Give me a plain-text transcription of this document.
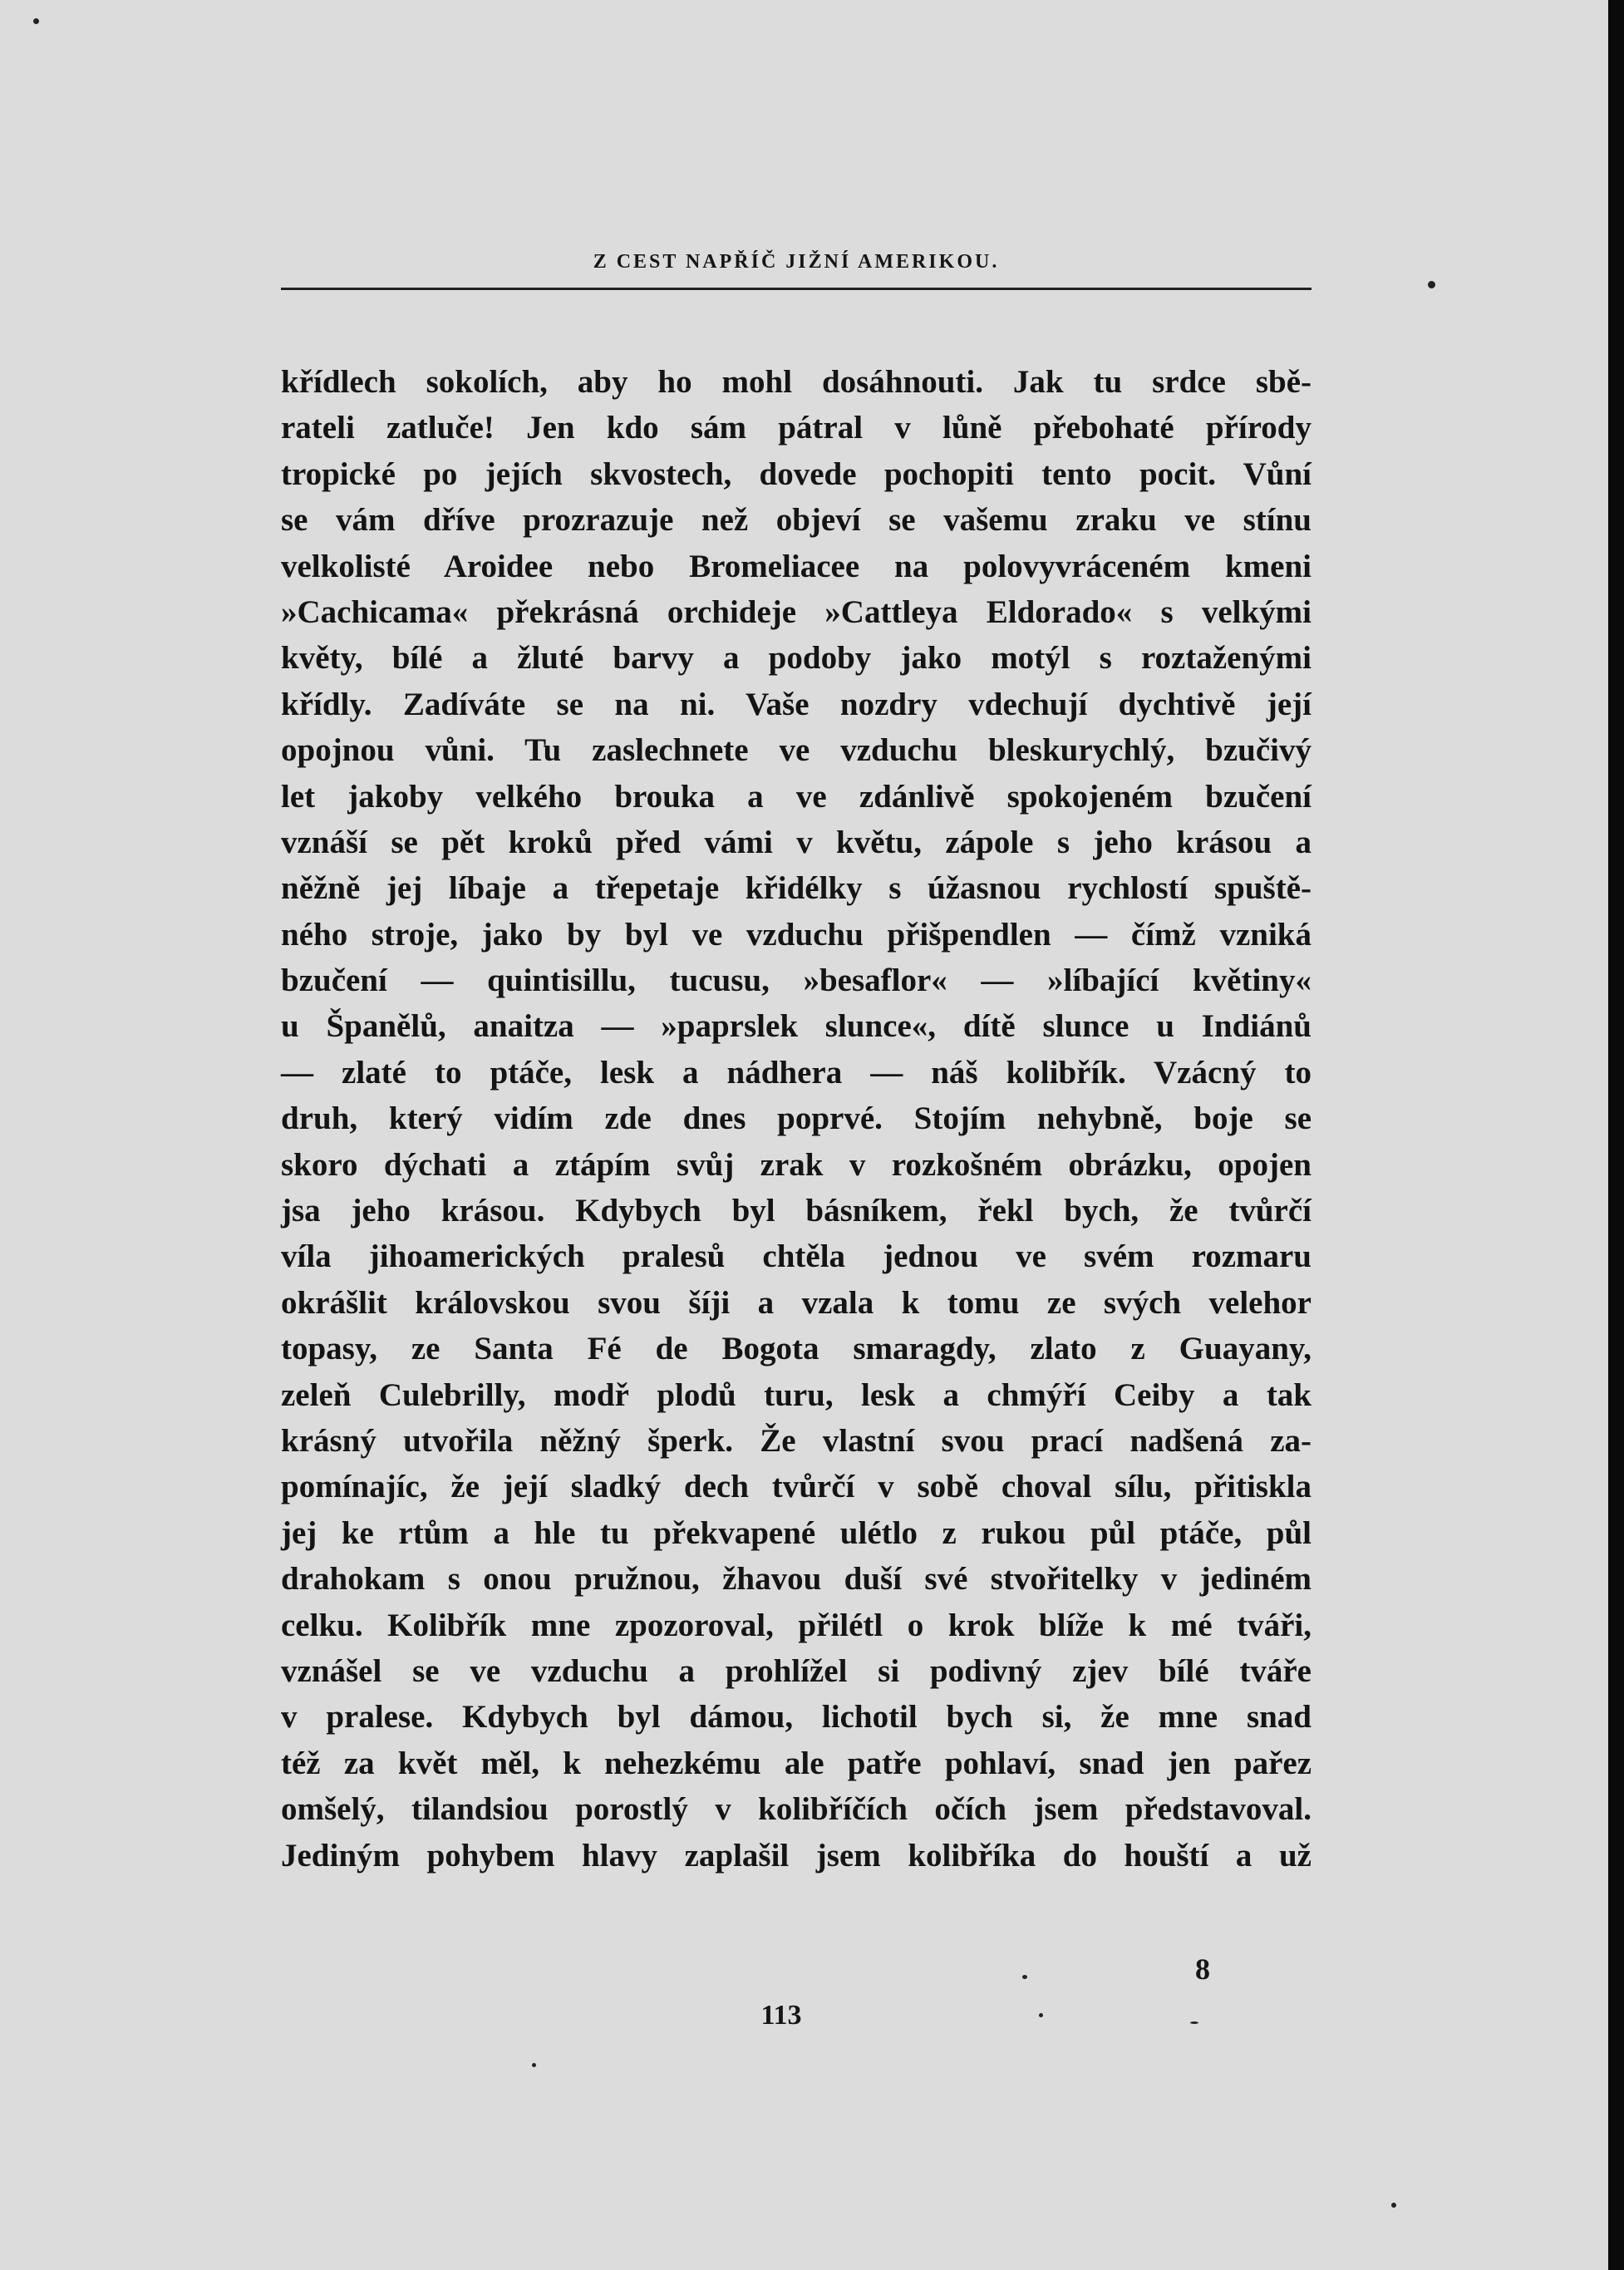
Z CEST NAPŘÍČ JIŽNÍ AMERIKOU.
křídlech sokolích, aby ho mohl dosáhnouti. Jak tu srdce sbě-
rateli zatluče! Jen kdo sám pátral v lůně přebohaté přírody
tropické po jejích skvostech, dovede pochopiti tento pocit. Vůní
se vám dříve prozrazuje než objeví se vašemu zraku ve stínu
velkolisté Aroidee nebo Bromeliacee na polovyvráceném kmeni
»Cachicama« překrásná orchideje »Cattleya Eldorado« s velkými
květy, bílé a žluté barvy a podoby jako motýl s roztaženými
křídly. Zadíváte se na ni. Vaše nozdry vdechují dychtivě její
opojnou vůni. Tu zaslechnete ve vzduchu bleskurychlý, bzučivý
let jakoby velkého brouka a ve zdánlivě spokojeném bzučení
vznáší se pět kroků před vámi v květu, zápole s jeho krásou a
něžně jej líbaje a třepetaje křidélky s úžasnou rychlostí spuště-
ného stroje, jako by byl ve vzduchu přišpendlen — čímž vzniká
bzučení — quintisillu, tucusu, »besaflor« — »líbající květiny«
u Španělů, anaitza — »paprslek slunce«, dítě slunce u Indiánů
— zlaté to ptáče, lesk a nádhera — náš kolibřík. Vzácný to
druh, který vidím zde dnes poprvé. Stojím nehybně, boje se
skoro dýchati a ztápím svůj zrak v rozkošném obrázku, opojen
jsa jeho krásou. Kdybych byl básníkem, řekl bych, že tvůrčí
víla jihoamerických pralesů chtěla jednou ve svém rozmaru
okrášlit královskou svou šíji a vzala k tomu ze svých velehor
topasy, ze Santa Fé de Bogota smaragdy, zlato z Guayany,
zeleň Culebrilly, modř plodů turu, lesk a chmýří Ceiby a tak
krásný utvořila něžný šperk. Že vlastní svou prací nadšená za-
pomínajíc, že její sladký dech tvůrčí v sobě choval sílu, přitiskla
jej ke rtům a hle tu překvapené ulétlo z rukou půl ptáče, půl
drahokam s onou pružnou, žhavou duší své stvořitelky v jediném
celku. Kolibřík mne zpozoroval, přilétl o krok blíže k mé tváři,
vznášel se ve vzduchu a prohlížel si podivný zjev bílé tváře
v pralese. Kdybych byl dámou, lichotil bych si, že mne snad
též za květ měl, k nehezkému ale patře pohlaví, snad jen pařez
omšelý, tilandsiou porostlý v kolibříčích očích jsem představoval.
Jediným pohybem hlavy zaplašil jsem kolibříka do houští a už
8
113
